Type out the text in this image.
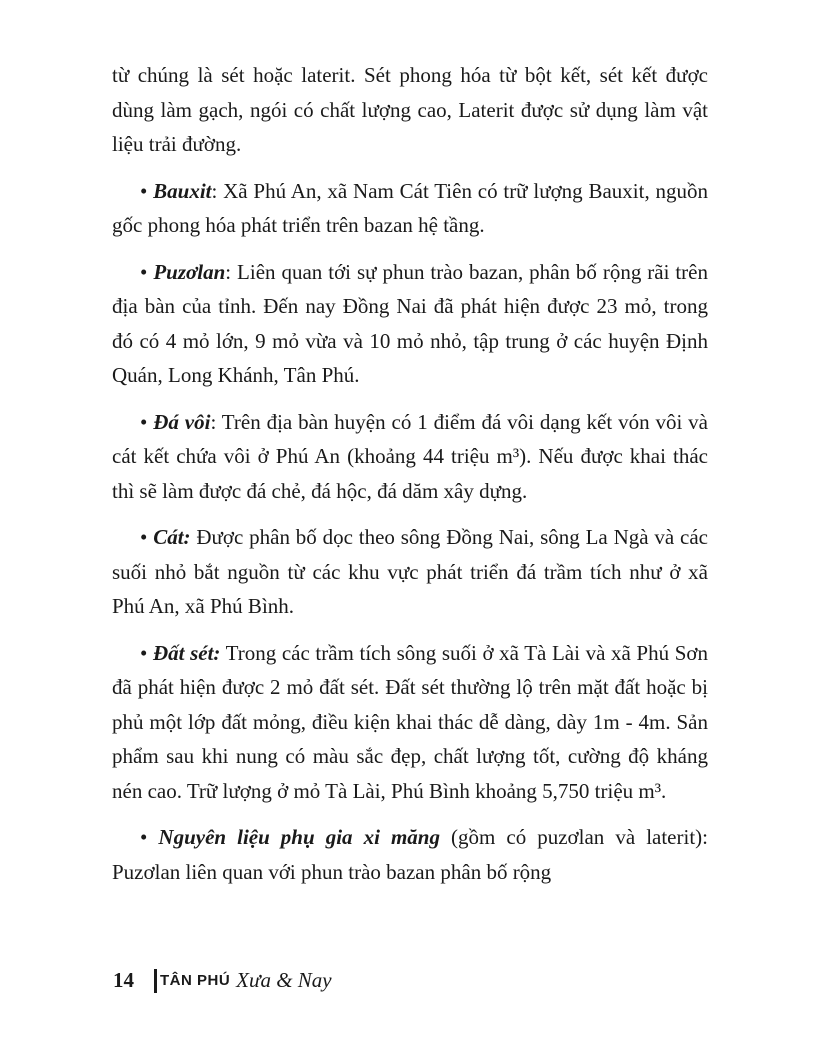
từ chúng là sét hoặc laterit. Sét phong hóa từ bột kết, sét kết được dùng làm gạch, ngói có chất lượng cao, Laterit được sử dụng làm vật liệu trải đường.

• Bauxit: Xã Phú An, xã Nam Cát Tiên có trữ lượng Bauxit, nguồn gốc phong hóa phát triển trên bazan hệ tầng.

• Puzơlan: Liên quan tới sự phun trào bazan, phân bố rộng rãi trên địa bàn của tỉnh. Đến nay Đồng Nai đã phát hiện được 23 mỏ, trong đó có 4 mỏ lớn, 9 mỏ vừa và 10 mỏ nhỏ, tập trung ở các huyện Định Quán, Long Khánh, Tân Phú.

• Đá vôi: Trên địa bàn huyện có 1 điểm đá vôi dạng kết vón vôi và cát kết chứa vôi ở Phú An (khoảng 44 triệu m³). Nếu được khai thác thì sẽ làm được đá chẻ, đá hộc, đá dăm xây dựng.

• Cát: Được phân bố dọc theo sông Đồng Nai, sông La Ngà và các suối nhỏ bắt nguồn từ các khu vực phát triển đá trầm tích như ở xã Phú An, xã Phú Bình.

• Đất sét: Trong các trầm tích sông suối ở xã Tà Lài và xã Phú Sơn đã phát hiện được 2 mỏ đất sét. Đất sét thường lộ trên mặt đất hoặc bị phủ một lớp đất mỏng, điều kiện khai thác dễ dàng, dày 1m - 4m. Sản phẩm sau khi nung có màu sắc đẹp, chất lượng tốt, cường độ kháng nén cao. Trữ lượng ở mỏ Tà Lài, Phú Bình khoảng 5,750 triệu m³.

• Nguyên liệu phụ gia xi măng (gồm có puzơlan và laterit): Puzơlan liên quan với phun trào bazan phân bố rộng

14 TÂN PHÚ Xưa & Nay
